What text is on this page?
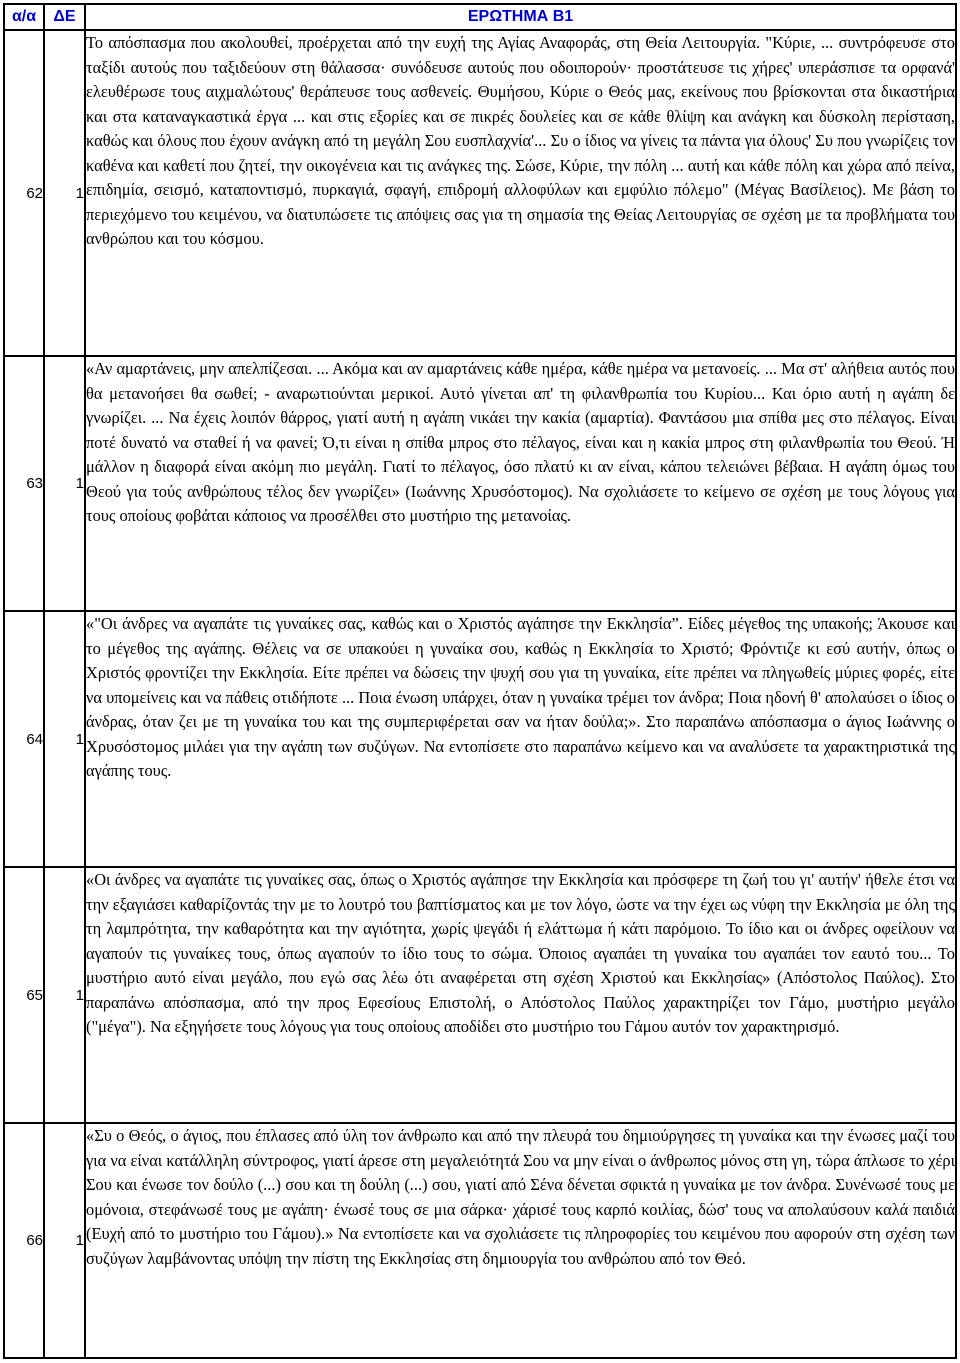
α/α	ΔΕ	ΕΡΩΤΗΜΑ Β1
62	1	Το απόσπασμα που ακολουθεί, προέρχεται από την ευχή της Αγίας Αναφοράς, στη Θεία Λειτουργία. "Κύριε, ... συντρόφευσε στο ταξίδι αυτούς που ταξιδεύουν στη θάλασσα· συνόδευσε αυτούς που οδοιπορούν· προστάτευσε τις χήρες' υπεράσπισε τα ορφανά' ελευθέρωσε τους αιχμαλώτους' θεράπευσε τους ασθενείς. Θυμήσου, Κύριε ο Θεός μας, εκείνους που βρίσκονται στα δικαστήρια και στα καταναγκαστικά έργα ... και στις εξορίες και σε πικρές δουλείες και σε κάθε θλίψη και ανάγκη και δύσκολη περίσταση, καθώς και όλους που έχουν ανάγκη από τη μεγάλη Σου ευσπλαχνία'... Συ ο ίδιος να γίνεις τα πάντα για όλους' Συ που γνωρίζεις τον καθένα και καθετί που ζητεί, την οικογένεια και τις ανάγκες της. Σώσε, Κύριε, την πόλη ... αυτή και κάθε πόλη και χώρα από πείνα, επιδημία, σεισμό, καταποντισμό, πυρκαγιά, σφαγή, επιδρομή αλλοφύλων και εμφύλιο πόλεμο" (Μέγας Βασίλειος). Με βάση το περιεχόμενο του κειμένου, να διατυπώσετε τις απόψεις σας για τη σημασία της Θείας Λειτουργίας σε σχέση με τα προβλήματα του ανθρώπου και του κόσμου.
63	1	«Αν αμαρτάνεις, μην απελπίζεσαι. ... Ακόμα και αν αμαρτάνεις κάθε ημέρα, κάθε ημέρα να μετανοείς. ... Μα στ' αλήθεια αυτός που θα μετανοήσει θα σωθεί; - αναρωτιούνται μερικοί. Αυτό γίνεται απ' τη φιλανθρωπία του Κυρίου... Και όριο αυτή η αγάπη δε γνωρίζει. ... Να έχεις λοιπόν θάρρος, γιατί αυτή η αγάπη νικάει την κακία (αμαρτία). Φαντάσου μια σπίθα μες στο πέλαγος. Είναι ποτέ δυνατό να σταθεί ή να φανεί; Ό,τι είναι η σπίθα μπρος στο πέλαγος, είναι και η κακία μπρος στη φιλανθρωπία του Θεού. Ή μάλλον η διαφορά είναι ακόμη πιο μεγάλη. Γιατί το πέλαγος, όσο πλατύ κι αν είναι, κάπου τελειώνει βέβαια. Η αγάπη όμως του Θεού για τούς ανθρώπους τέλος δεν γνωρίζει» (Ιωάννης Χρυσόστομος). Να σχολιάσετε το κείμενο σε σχέση με τους λόγους για τους οποίους φοβάται κάποιος να προσέλθει στο μυστήριο της μετανοίας.
64	1	«"Οι άνδρες να αγαπάτε τις γυναίκες σας, καθώς και ο Χριστός αγάπησε την Εκκλησία”. Είδες μέγεθος της υπακοής; Άκουσε και το μέγεθος της αγάπης. Θέλεις να σε υπακούει η γυναίκα σου, καθώς η Εκκλησία το Χριστό; Φρόντιζε κι εσύ αυτήν, όπως ο Χριστός φροντίζει την Εκκλησία. Είτε πρέπει να δώσεις την ψυχή σου για τη γυναίκα, είτε πρέπει να πληγωθείς μύριες φορές, είτε να υπομείνεις και να πάθεις οτιδήποτε ... Ποια ένωση υπάρχει, όταν η γυναίκα τρέμει τον άνδρα; Ποια ηδονή θ' απολαύσει ο ίδιος ο άνδρας, όταν ζει με τη γυναίκα του και της συμπεριφέρεται σαν να ήταν δούλα;». Στο παραπάνω απόσπασμα ο άγιος Ιωάννης ο Χρυσόστομος μιλάει για την αγάπη των συζύγων. Να εντοπίσετε στο παραπάνω κείμενο και να αναλύσετε τα χαρακτηριστικά της αγάπης τους.
65	1	«Οι άνδρες να αγαπάτε τις γυναίκες σας, όπως ο Χριστός αγάπησε την Εκκλησία και πρόσφερε τη ζωή του γι' αυτήν' ήθελε έτσι να την εξαγιάσει καθαρίζοντάς την με το λουτρό του βαπτίσματος και με τον λόγο, ώστε να την έχει ως νύφη την Εκκλησία με όλη της τη λαμπρότητα, την καθαρότητα και την αγιότητα, χωρίς ψεγάδι ή ελάττωμα ή κάτι παρόμοιο. Το ίδιο και οι άνδρες οφείλουν να αγαπούν τις γυναίκες τους, όπως αγαπούν το ίδιο τους το σώμα. Όποιος αγαπάει τη γυναίκα του αγαπάει τον εαυτό του... Το μυστήριο αυτό είναι μεγάλο, που εγώ σας λέω ότι αναφέρεται στη σχέση Χριστού και Εκκλησίας» (Απόστολος Παύλος). Στο παραπάνω απόσπασμα, από την προς Εφεσίους Επιστολή, ο Απόστολος Παύλος χαρακτηρίζει τον Γάμο, μυστήριο μεγάλο ("μέγα"). Να εξηγήσετε τους λόγους για τους οποίους αποδίδει στο μυστήριο του Γάμου αυτόν τον χαρακτηρισμό.
66	1	«Συ ο Θεός, ο άγιος, που έπλασες από ύλη τον άνθρωπο και από την πλευρά του δημιούργησες τη γυναίκα και την ένωσες μαζί του για να είναι κατάλληλη σύντροφος, γιατί άρεσε στη μεγαλειότητά Σου να μην είναι ο άνθρωπος μόνος στη γη, τώρα άπλωσε το χέρι Σου και ένωσε τον δούλο (...) σου και τη δούλη (...) σου, γιατί από Σένα δένεται σφικτά η γυναίκα με τον άνδρα. Συνένωσέ τους με ομόνοια, στεφάνωσέ τους με αγάπη· ένωσέ τους σε μια σάρκα· χάρισέ τους καρπό κοιλίας, δώσ' τους να απολαύσουν καλά παιδιά (Ευχή από το μυστήριο του Γάμου).» Να εντοπίσετε και να σχολιάσετε τις πληροφορίες του κειμένου που αφορούν στη σχέση των συζύγων λαμβάνοντας υπόψη την πίστη της Εκκλησίας στη δημιουργία του ανθρώπου από τον Θεό.
